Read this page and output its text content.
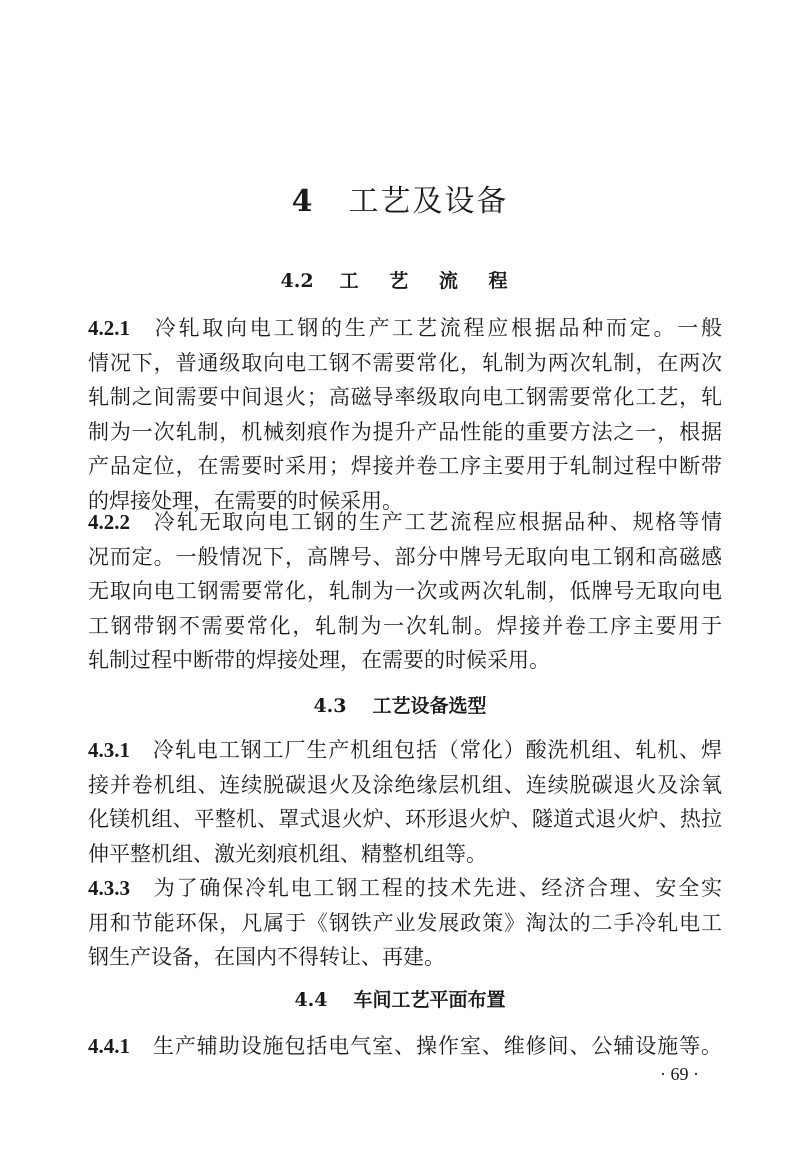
4 工艺及设备
4.2 工 艺 流 程
4.2.1 冷轧取向电工钢的生产工艺流程应根据品种而定。一般
情况下，普通级取向电工钢不需要常化，轧制为两次轧制，在两次
轧制之间需要中间退火；高磁导率级取向电工钢需要常化工艺，轧
制为一次轧制，机械刻痕作为提升产品性能的重要方法之一，根据
产品定位，在需要时采用；焊接并卷工序主要用于轧制过程中断带
的焊接处理，在需要的时候采用。
4.2.2 冷轧无取向电工钢的生产工艺流程应根据品种、规格等情
况而定。一般情况下，高牌号、部分中牌号无取向电工钢和高磁感
无取向电工钢需要常化，轧制为一次或两次轧制，低牌号无取向电
工钢带钢不需要常化，轧制为一次轧制。焊接并卷工序主要用于
轧制过程中断带的焊接处理，在需要的时候采用。
4.3 工艺设备选型
4.3.1 冷轧电工钢工厂生产机组包括（常化）酸洗机组、轧机、焊
接并卷机组、连续脱碳退火及涂绝缘层机组、连续脱碳退火及涂氧
化镁机组、平整机、罩式退火炉、环形退火炉、隧道式退火炉、热拉
伸平整机组、激光刻痕机组、精整机组等。
4.3.3 为了确保冷轧电工钢工程的技术先进、经济合理、安全实
用和节能环保，凡属于《钢铁产业发展政策》淘汰的二手冷轧电工
钢生产设备，在国内不得转让、再建。
4.4 车间工艺平面布置
4.4.1 生产辅助设施包括电气室、操作室、维修间、公辅设施等。
· 69 ·
